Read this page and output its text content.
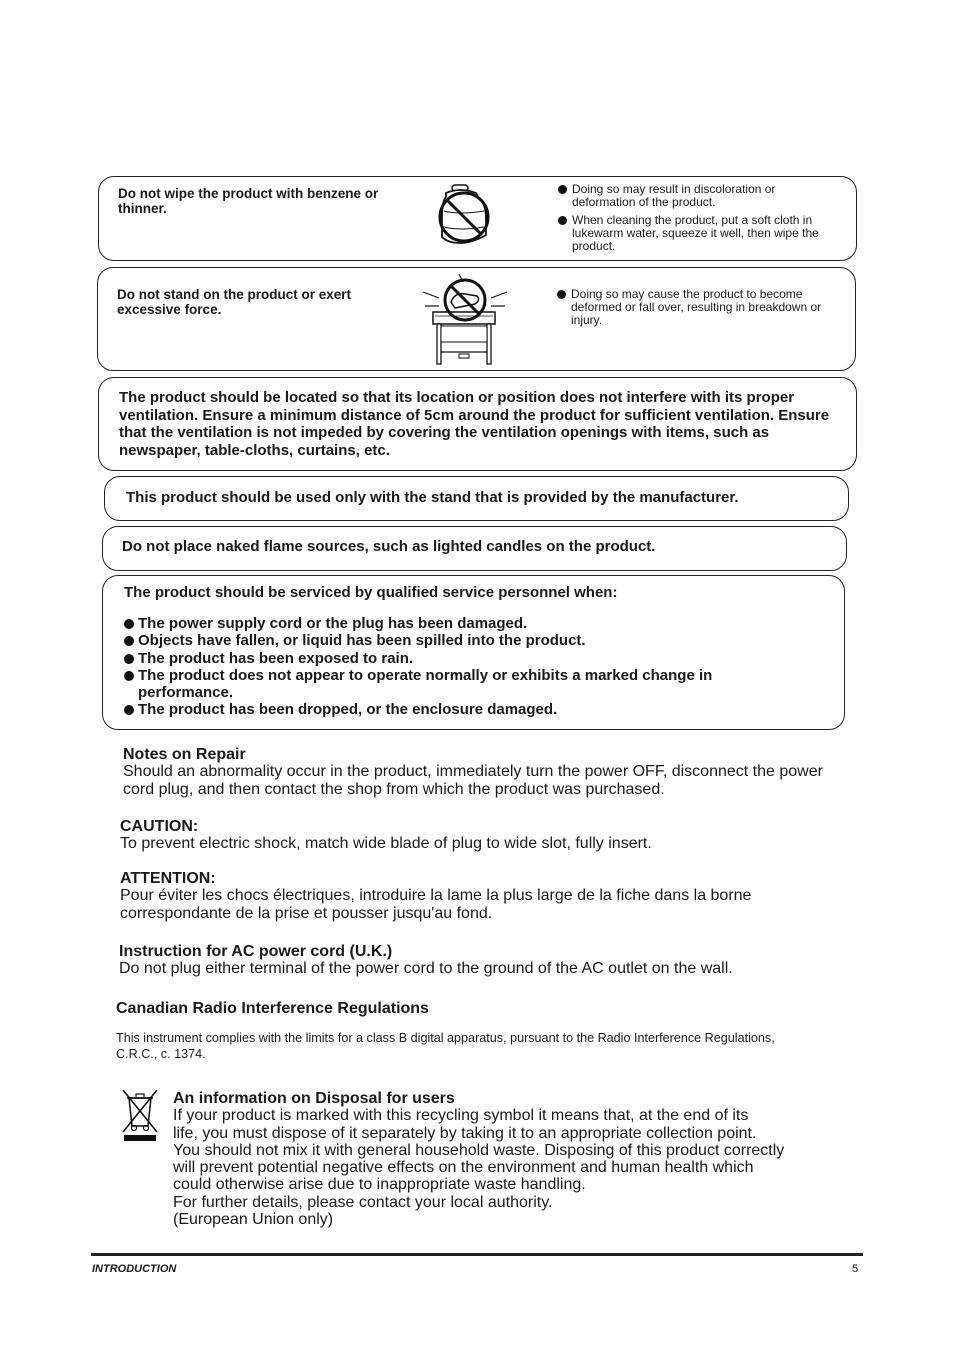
Do not wipe the product with benzene or thinner.
Doing so may result in discoloration or deformation of the product.
When cleaning the product, put a soft cloth in lukewarm water, squeeze it well, then wipe the product.
Do not stand on the product or exert excessive force.
Doing so may cause the product to become deformed or fall over, resulting in breakdown or injury.
The product should be located so that its location or position does not interfere with its proper ventilation. Ensure a minimum distance of 5cm around the product for sufficient ventilation. Ensure that the ventilation is not impeded by covering the ventilation openings with items, such as newspaper, table-cloths, curtains, etc.
This product should be used only with the stand that is provided by the manufacturer.
Do not place naked flame sources, such as lighted candles on the product.
The product should be serviced by qualified service personnel when:
The power supply cord or the plug has been damaged.
Objects have fallen, or liquid has been spilled into the product.
The product has been exposed to rain.
The product does not appear to operate normally or exhibits a marked change in performance.
The product has been dropped, or the enclosure damaged.
Notes on Repair
Should an abnormality occur in the product, immediately turn the power OFF, disconnect the power cord plug, and then contact the shop from which the product was purchased.
CAUTION:
To prevent electric shock, match wide blade of plug to wide slot, fully insert.
ATTENTION:
Pour éviter les chocs électriques, introduire la lame la plus large de la fiche dans la borne correspondante de la prise et pousser jusqu'au fond.
Instruction for AC power cord (U.K.)
Do not plug either terminal of the power cord to the ground of the AC outlet on the wall.
Canadian Radio Interference Regulations
This instrument complies with the limits for a class B digital apparatus, pursuant to the Radio Interference Regulations, C.R.C., c. 1374.
An information on Disposal for users
If your product is marked with this recycling symbol it means that, at the end of its
life, you must dispose of it separately by taking it to an appropriate collection point.
You should not mix it with general household waste. Disposing of this product correctly
will prevent potential negative effects on the environment and human health which
could otherwise arise due to inappropriate waste handling.
For further details, please contact your local authority.
(European Union only)
INTRODUCTION	5
